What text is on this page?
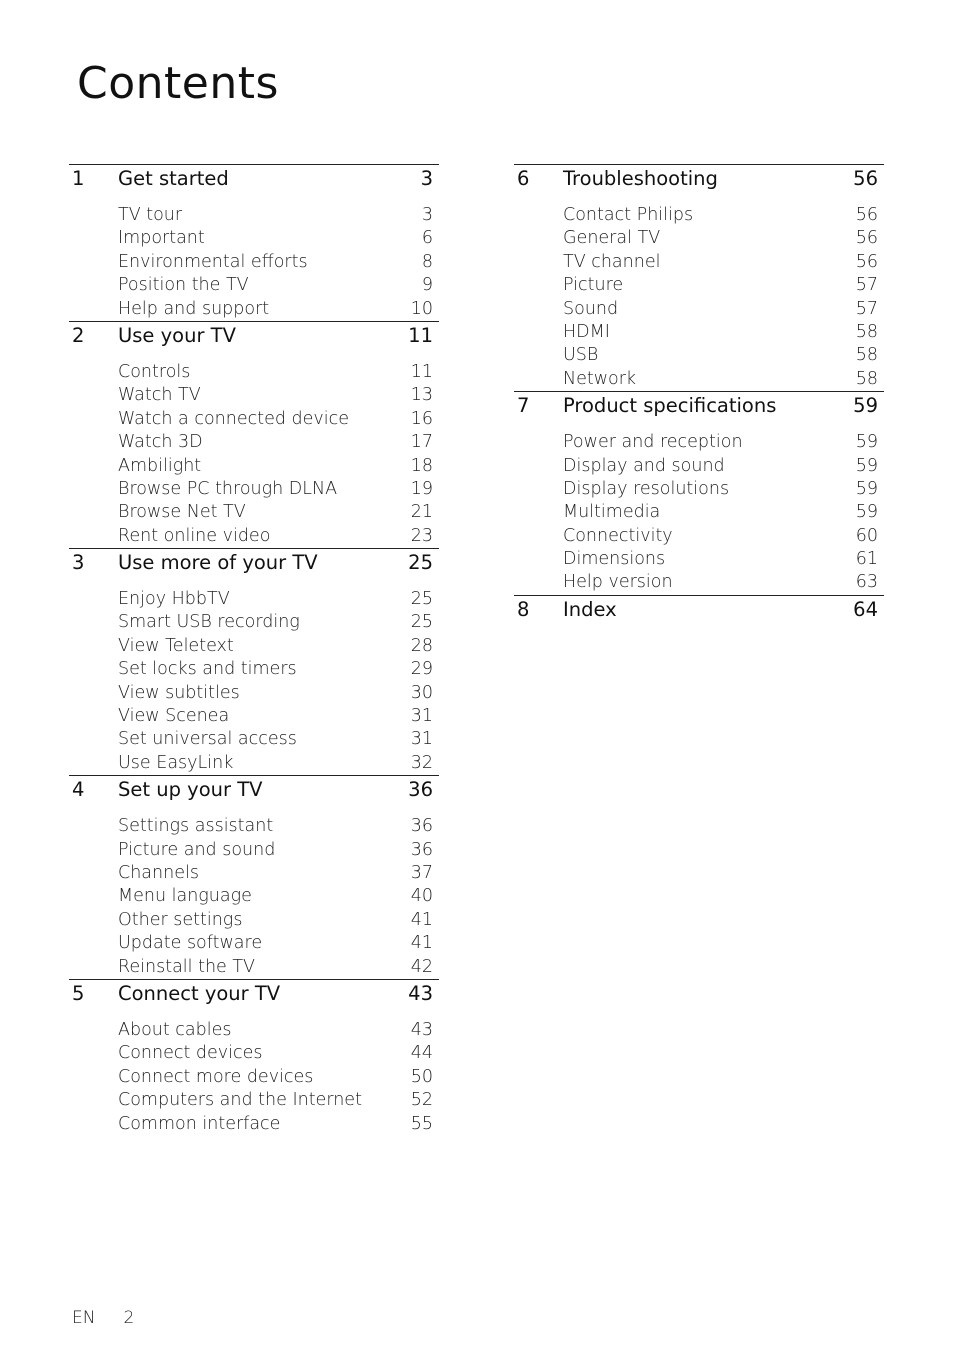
Contents
1	Get started	3
TV tour	3
Important	6
Environmental efforts	8
Position the TV	9
Help and support	10
2	Use your TV	11
Controls	11
Watch TV	13
Watch a connected device	16
Watch 3D	17
Ambilight	18
Browse PC through DLNA	19
Browse Net TV	21
Rent online video	23
3	Use more of your TV	25
Enjoy HbbTV	25
Smart USB recording	25
View Teletext	28
Set locks and timers	29
View subtitles	30
View Scenea	31
Set universal access	31
Use EasyLink	32
4	Set up your TV	36
Settings assistant	36
Picture and sound	36
Channels	37
Menu language	40
Other settings	41
Update software	41
Reinstall the TV	42
5	Connect your TV	43
About cables	43
Connect devices	44
Connect more devices	50
Computers and the Internet	52
Common interface	55
6	Troubleshooting	56
Contact Philips	56
General TV	56
TV channel	56
Picture	57
Sound	57
HDMI	58
USB	58
Network	58
7	Product specifications	59
Power and reception	59
Display and sound	59
Display resolutions	59
Multimedia	59
Connectivity	60
Dimensions	61
Help version	63
8	Index	64
EN 2
